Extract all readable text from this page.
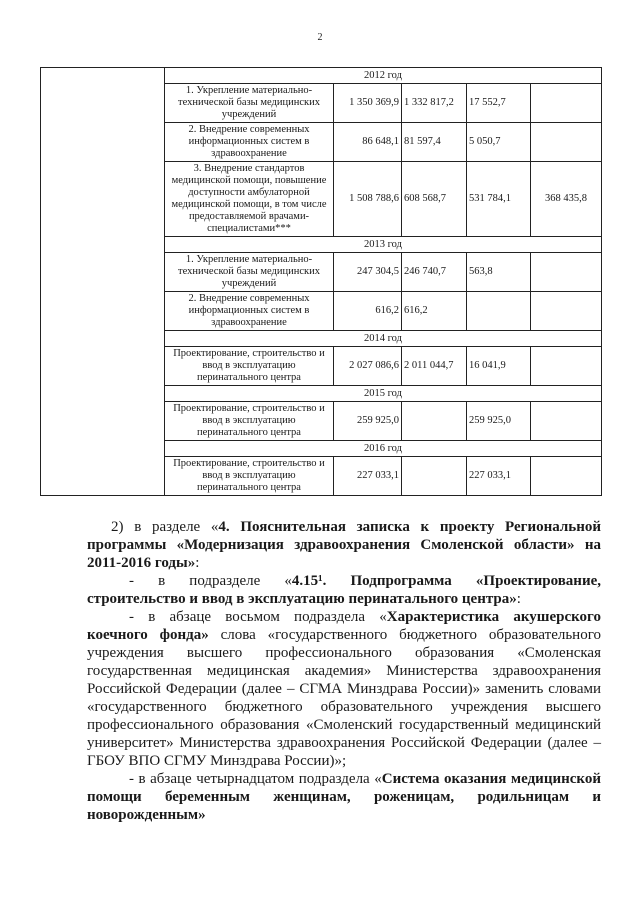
2
	2012 год				
	1. Укрепление материально-технической базы медицинских учреждений	1 350 369,9	1 332 817,2	17 552,7	
	2. Внедрение современных информационных систем в здравоохранение	86 648,1	81 597,4	5 050,7	
	3. Внедрение стандартов медицинской помощи, повышение доступности амбулаторной медицинской помощи, в том числе предоставляемой врачами-специалистами***	1 508 788,6	608 568,7	531 784,1	368 435,8
	2013 год				
	1. Укрепление материально-технической базы медицинских учреждений	247 304,5	246 740,7	563,8	
	2. Внедрение современных информационных систем в здравоохранение	616,2	616,2		
	2014 год				
	Проектирование, строительство и ввод в эксплуатацию перинатального центра	2 027 086,6	2 011 044,7	16 041,9	
	2015 год				
	Проектирование, строительство и ввод в эксплуатацию перинатального центра	259 925,0		259 925,0	
	2016 год				
	Проектирование, строительство и ввод в эксплуатацию перинатального центра	227 033,1		227 033,1	

2) в разделе «4. Пояснительная записка к проекту Региональной программы «Модернизация здравоохранения Смоленской области» на 2011-2016 годы»:

- в подразделе «4.15¹. Подпрограмма «Проектирование, строительство и ввод в эксплуатацию перинатального центра»:

- в абзаце восьмом подраздела «Характеристика акушерского коечного фонда» слова «государственного бюджетного образовательного учреждения высшего профессионального образования «Смоленская государственная медицинская академия» Министерства здравоохранения Российской Федерации (далее – СГМА Минздрава России)» заменить словами «государственного бюджетного образовательного учреждения высшего профессионального образования «Смоленский государственный медицинский университет» Министерства здравоохранения Российской Федерации (далее – ГБОУ ВПО СГМУ Минздрава России)»;

- в абзаце четырнадцатом подраздела «Система оказания медицинской помощи беременным женщинам, роженицам, родильницам и новорожденным»
